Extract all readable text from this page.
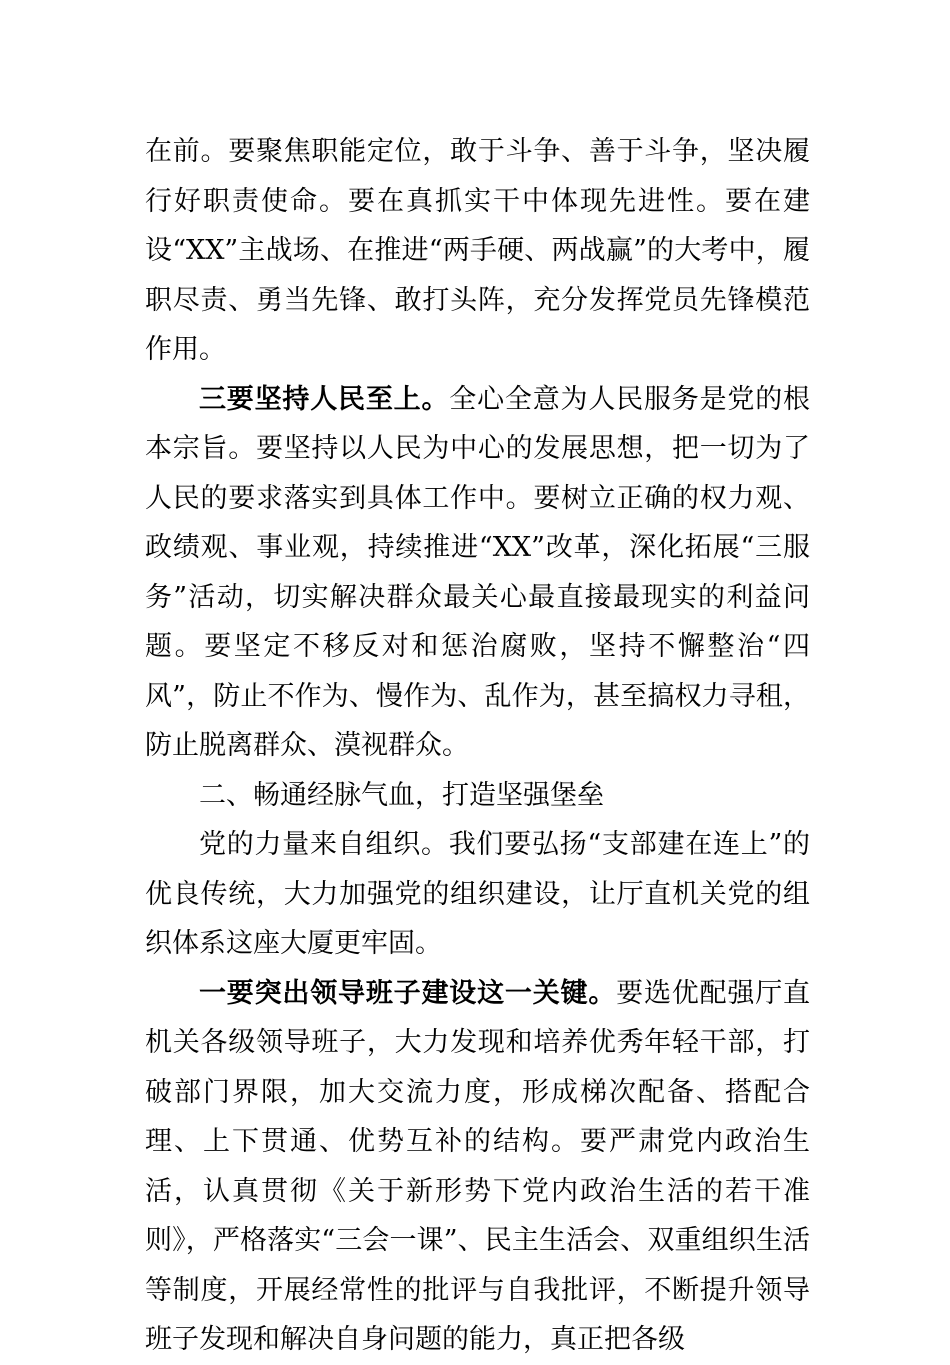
在前。要聚焦职能定位，敢于斗争、善于斗争，坚决履行好职责使命。要在真抓实干中体现先进性。要在建设“XX”主战场、在推进“两手硬、两战赢”的大考中，履职尽责、勇当先锋、敢打头阵，充分发挥党员先锋模范作用。

三要坚持人民至上。全心全意为人民服务是党的根本宗旨。要坚持以人民为中心的发展思想，把一切为了人民的要求落实到具体工作中。要树立正确的权力观、政绩观、事业观，持续推进“XX”改革，深化拓展“三服务”活动，切实解决群众最关心最直接最现实的利益问题。要坚定不移反对和惩治腐败，坚持不懈整治“四风”，防止不作为、慢作为、乱作为，甚至搞权力寻租，防止脱离群众、漠视群众。

二、畅通经脉气血，打造坚强堡垒

党的力量来自组织。我们要弘扬“支部建在连上”的优良传统，大力加强党的组织建设，让厅直机关党的组织体系这座大厦更牢固。

一要突出领导班子建设这一关键。要选优配强厅直机关各级领导班子，大力发现和培养优秀年轻干部，打破部门界限，加大交流力度，形成梯次配备、搭配合理、上下贯通、优势互补的结构。要严肃党内政治生活，认真贯彻《关于新形势下党内政治生活的若干准则》，严格落实“三会一课”、民主生活会、双重组织生活等制度，开展经常性的批评与自我批评，不断提升领导班子发现和解决自身问题的能力，真正把各级
